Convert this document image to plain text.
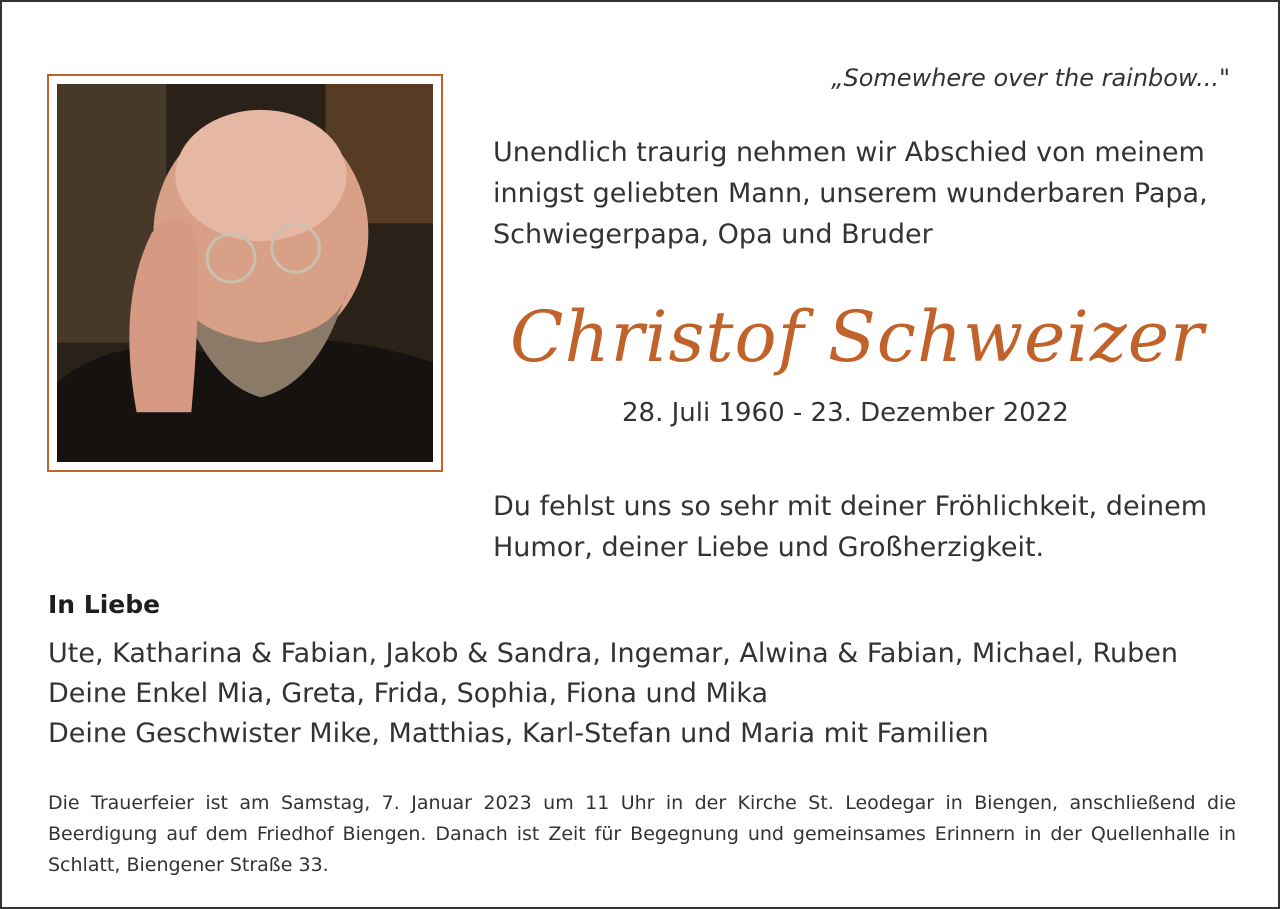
„Somewhere over the rainbow..."
Unendlich traurig nehmen wir Abschied von meinem innigst geliebten Mann, unserem wunderbaren Papa, Schwiegerpapa, Opa und Bruder
Christof Schweizer
28. Juli 1960 - 23. Dezember 2022
Du fehlst uns so sehr mit deiner Fröhlichkeit, deinem Humor, deiner Liebe und Großherzigkeit.
In Liebe
Ute, Katharina & Fabian, Jakob & Sandra, Ingemar, Alwina & Fabian, Michael, Ruben
Deine Enkel Mia, Greta, Frida, Sophia, Fiona und Mika
Deine Geschwister Mike, Matthias, Karl-Stefan und Maria mit Familien
Die Trauerfeier ist am Samstag, 7. Januar 2023 um 11 Uhr in der Kirche St. Leodegar in Biengen, anschließend die Beerdigung auf dem Friedhof Biengen. Danach ist Zeit für Begegnung und gemeinsames Erinnern in der Quellenhalle in Schlatt, Biengener Straße 33.
